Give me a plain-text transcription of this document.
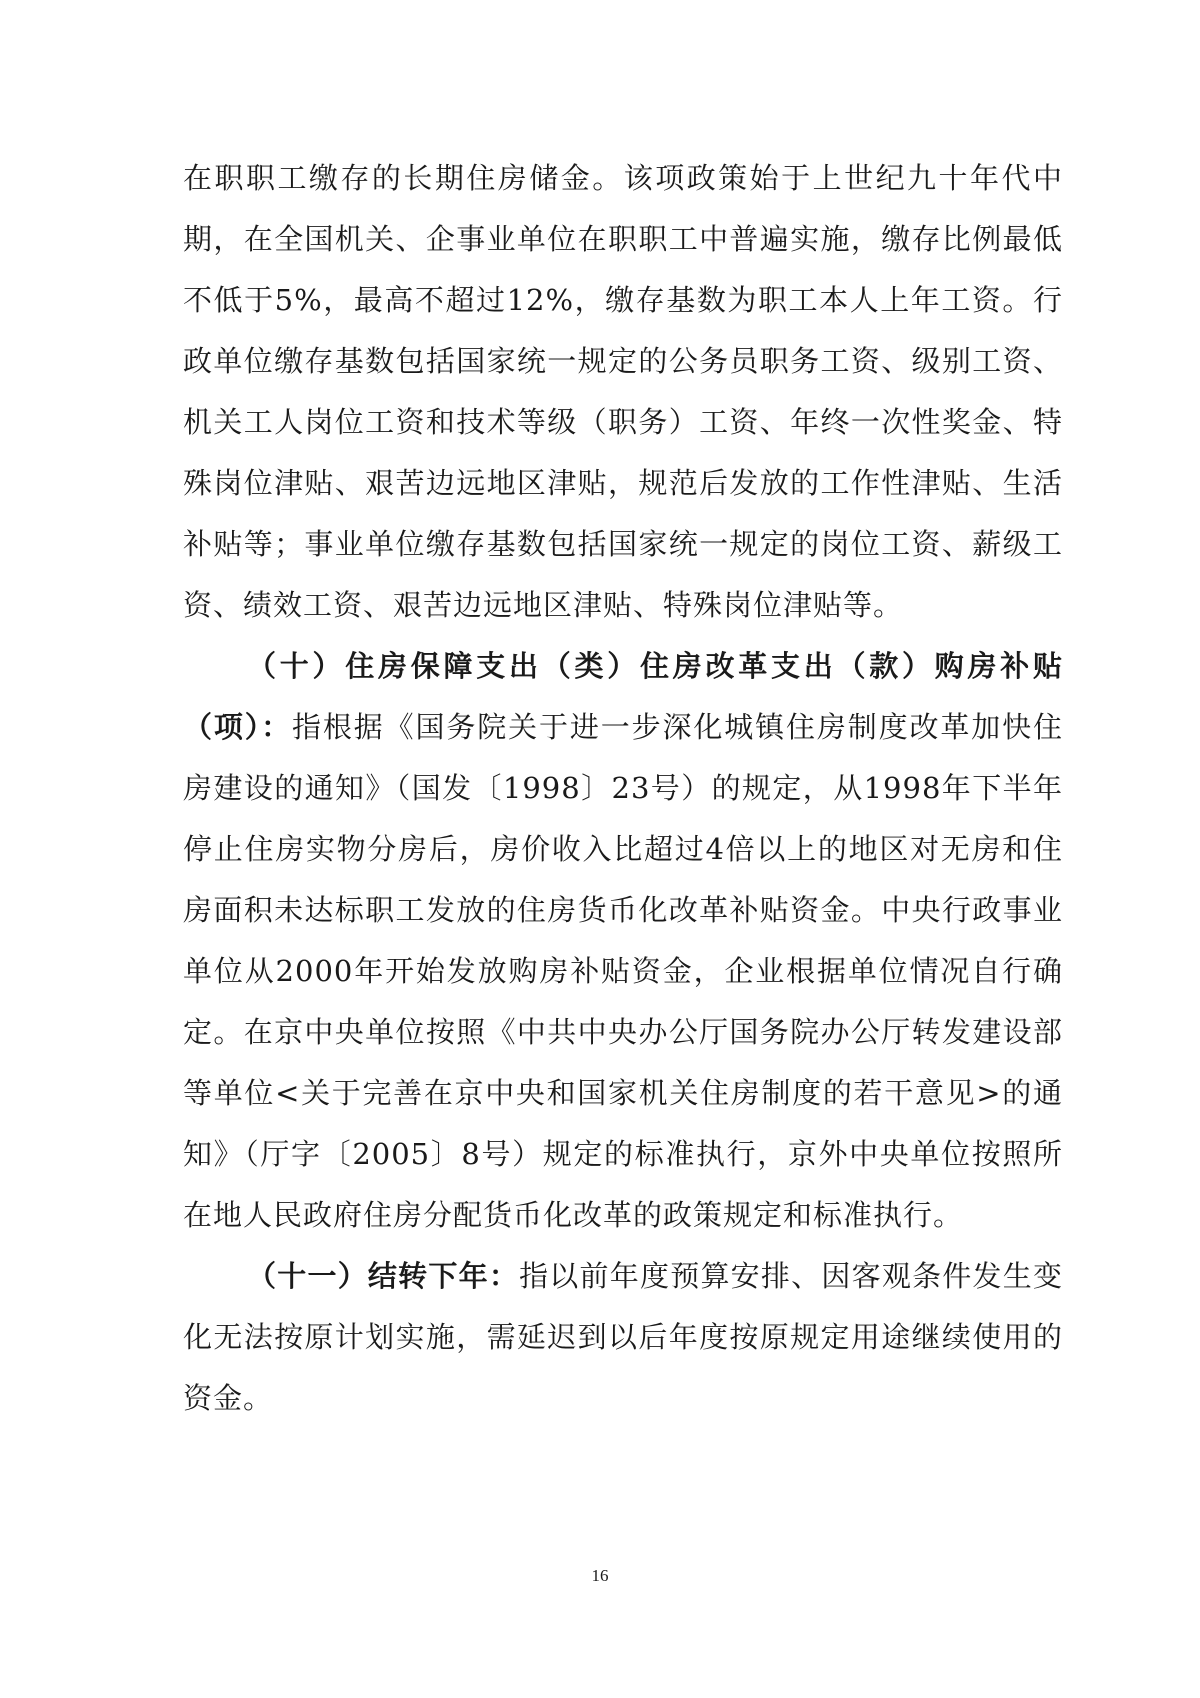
在职职工缴存的长期住房储金。该项政策始于上世纪九十年代中期，在全国机关、企事业单位在职职工中普遍实施，缴存比例最低不低于5%，最高不超过12%，缴存基数为职工本人上年工资。行政单位缴存基数包括国家统一规定的公务员职务工资、级别工资、机关工人岗位工资和技术等级（职务）工资、年终一次性奖金、特殊岗位津贴、艰苦边远地区津贴，规范后发放的工作性津贴、生活补贴等；事业单位缴存基数包括国家统一规定的岗位工资、薪级工资、绩效工资、艰苦边远地区津贴、特殊岗位津贴等。

（十）住房保障支出（类）住房改革支出（款）购房补贴（项）：指根据《国务院关于进一步深化城镇住房制度改革加快住房建设的通知》（国发〔1998〕23号）的规定，从1998年下半年停止住房实物分房后，房价收入比超过4倍以上的地区对无房和住房面积未达标职工发放的住房货币化改革补贴资金。中央行政事业单位从2000年开始发放购房补贴资金，企业根据单位情况自行确定。在京中央单位按照《中共中央办公厅国务院办公厅转发建设部等单位<关于完善在京中央和国家机关住房制度的若干意见>的通知》（厅字〔2005〕8号）规定的标准执行，京外中央单位按照所在地人民政府住房分配货币化改革的政策规定和标准执行。

（十一）结转下年：指以前年度预算安排、因客观条件发生变化无法按原计划实施，需延迟到以后年度按原规定用途继续使用的资金。

16
